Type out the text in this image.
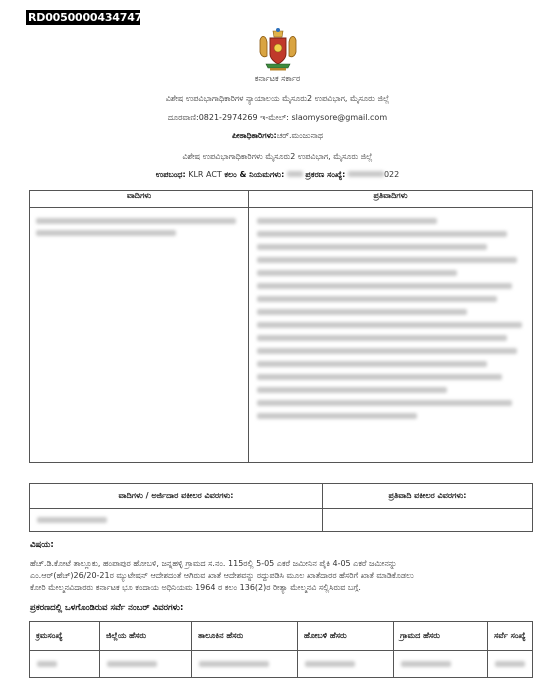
RD0050000434747
ಕರ್ನಾಟಕ ಸರ್ಕಾರ
ವಿಶೇಷ ಉಪವಿಭಾಗಾಧಿಕಾರಿಗಳ ನ್ಯಾಯಾಲಯ ಮೈಸೂರು2 ಉಪವಿಭಾಗ, ಮೈಸೂರು ಜಿಲ್ಲೆ
ದೂರವಾಣಿ:0821-2974269 ಇ-ಮೇಲ್: slaomysore@gmail.com
ಪೀಠಾಧಿಕಾರಿಗಳು:ಚರ್.ಮಂಜುನಾಥ
ವಿಶೇಷ ಉಪವಿಭಾಗಾಧಿಕಾರಿಗಳು ಮೈಸೂರು2 ಉಪವಿಭಾಗ, ಮೈಸೂರು ಜಿಲ್ಲೆ
ಉಪಬಂಧ: KLR ACT ಕಲಂ & ನಿಯಮಗಳು:	ಪ್ರಕರಣ ಸಂಖ್ಯೆ:	022
ವಾದಿಗಳು	ಪ್ರತಿವಾದಿಗಳು

ವಾದಿಗಳು / ಅರ್ಜಿದಾರ ವಕೀಲರ ವಿವರಗಳು:	ಪ್ರತಿವಾದಿ ವಕೀಲರ ವಿವರಗಳು:

ವಿಷಯ:
ಹೆಚ್.ಡಿ.ಕೋಟೆ ತಾಲ್ಲೂಕು, ಹಂಪಾಪುರ ಹೋಬಳಿ, ಜನ್ನಹಳ್ಳಿ ಗ್ರಾಮದ ಸ.ನಂ. 115ರಲ್ಲಿ 5-05 ಎಕರೆ ಜಮೀನಿನ ಪೈಕಿ 4-05 ಎಕರೆ ಜಮೀನನ್ನು
ಎಂ.ಆರ್(ಹೆಚ್)26/20-21ರ ಮ್ಯುಟೇಷನ್ ಆದೇಶದಂತೆ ಆಗಿರುವ ಖಾತೆ ಆದೇಶವನ್ನು ರದ್ದುಪಡಿಸಿ ಮೂಲ ಖಾತೆದಾರರ ಹೆಸರಿಗೆ ಖಾತೆ ಮಾಡಿಕೊಡಲು
ಕೋರಿ ಮೇಲ್ಮನವಿದಾರರು ಕರ್ನಾಟಕ ಭೂ ಕಂದಾಯ ಅಧಿನಿಯಮ 1964 ರ ಕಲಂ 136(2)ರ ರೀತ್ಯಾ ಮೇಲ್ಮನವಿ ಸಲ್ಲಿಸಿರುವ ಬಗ್ಗೆ.
ಪ್ರಕರಣದಲ್ಲಿ ಒಳಗೊಂಡಿರುವ ಸರ್ವೆ ನಂಬರ್ ವಿವರಗಳು:
ಕ್ರಮಸಂಖ್ಯೆ	ಜಿಲ್ಲೆಯ ಹೆಸರು	ತಾಲೂಕಿನ ಹೆಸರು	ಹೋಬಳಿ ಹೆಸರು	ಗ್ರಾಮದ ಹೆಸರು	ಸರ್ವೆ ಸಂಖ್ಯೆ
